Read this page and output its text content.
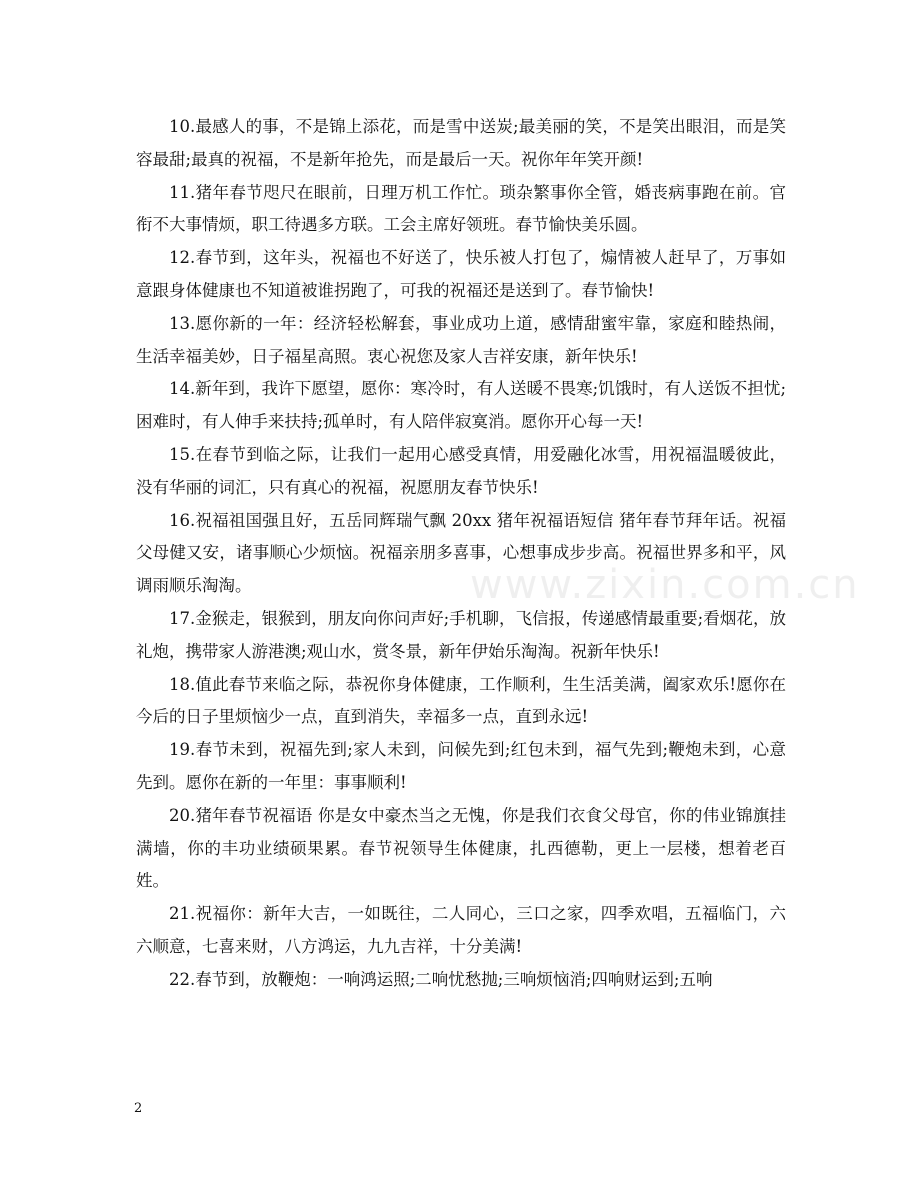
10.最感人的事，不是锦上添花，而是雪中送炭;最美丽的笑，不是笑出眼泪，而是笑容最甜;最真的祝福，不是新年抢先，而是最后一天。祝你年年笑开颜!

11.猪年春节咫尺在眼前，日理万机工作忙。琐杂繁事你全管，婚丧病事跑在前。官衔不大事情烦，职工待遇多方联。工会主席好领班。春节愉快美乐圆。

12.春节到，这年头，祝福也不好送了，快乐被人打包了，煽情被人赶早了，万事如意跟身体健康也不知道被谁拐跑了，可我的祝福还是送到了。春节愉快!

13.愿你新的一年：经济轻松解套，事业成功上道，感情甜蜜牢靠，家庭和睦热闹，生活幸福美妙，日子福星高照。衷心祝您及家人吉祥安康，新年快乐!

14.新年到，我许下愿望，愿你：寒冷时，有人送暖不畏寒;饥饿时，有人送饭不担忧;困难时，有人伸手来扶持;孤单时，有人陪伴寂寞消。愿你开心每一天!

15.在春节到临之际，让我们一起用心感受真情，用爱融化冰雪，用祝福温暖彼此，没有华丽的词汇，只有真心的祝福，祝愿朋友春节快乐!

16.祝福祖国强且好，五岳同辉瑞气飘 20xx 猪年祝福语短信 猪年春节拜年话。祝福父母健又安，诸事顺心少烦恼。祝福亲朋多喜事，心想事成步步高。祝福世界多和平，风调雨顺乐淘淘。

17.金猴走，银猴到，朋友向你问声好;手机聊，飞信报，传递感情最重要;看烟花，放礼炮，携带家人游港澳;观山水，赏冬景，新年伊始乐淘淘。祝新年快乐!

18.值此春节来临之际，恭祝你身体健康，工作顺利，生生活美满，阖家欢乐!愿你在今后的日子里烦恼少一点，直到消失，幸福多一点，直到永远!

19.春节未到，祝福先到;家人未到，问候先到;红包未到，福气先到;鞭炮未到，心意先到。愿你在新的一年里：事事顺利!

20.猪年春节祝福语 你是女中豪杰当之无愧，你是我们衣食父母官，你的伟业锦旗挂满墙，你的丰功业绩硕果累。春节祝领导生体健康，扎西德勒，更上一层楼，想着老百姓。

21.祝福你：新年大吉，一如既往，二人同心，三口之家，四季欢唱，五福临门，六六顺意，七喜来财，八方鸿运，九九吉祥，十分美满!

22.春节到，放鞭炮：一响鸿运照;二响忧愁抛;三响烦恼消;四响财运到;五响

www.zixin.com.cn
2
